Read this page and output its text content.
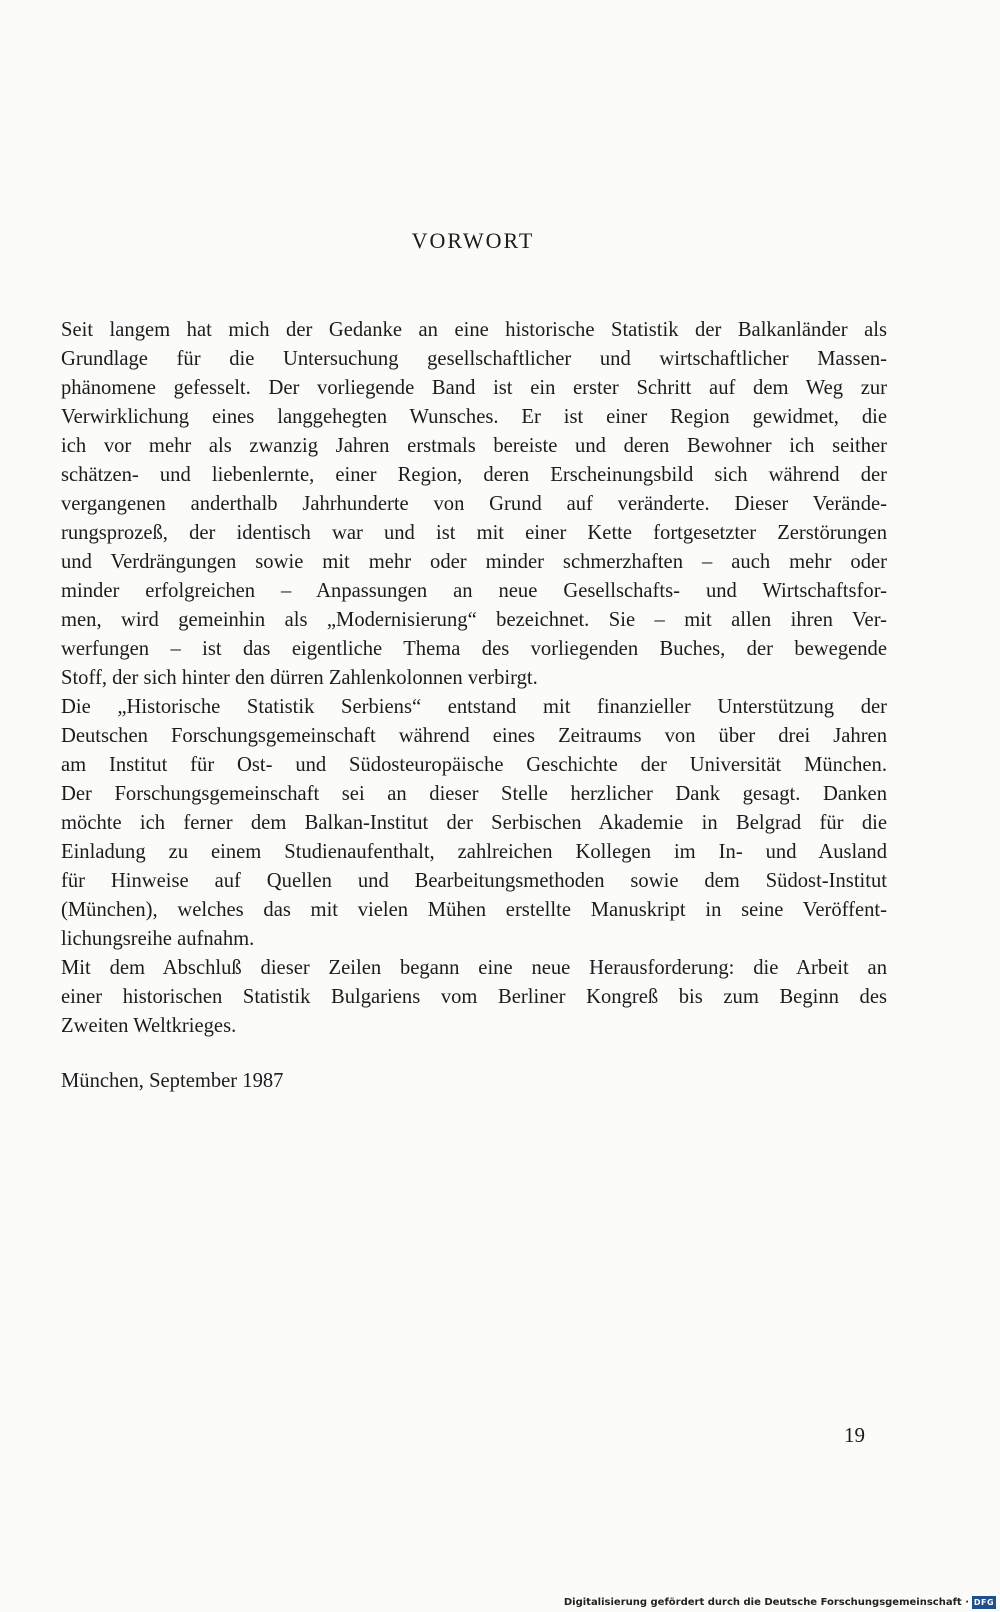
VORWORT
Seit langem hat mich der Gedanke an eine historische Statistik der Balkanländer als
Grundlage für die Untersuchung gesellschaftlicher und wirtschaftlicher Massen-
phänomene gefesselt. Der vorliegende Band ist ein erster Schritt auf dem Weg zur
Verwirklichung eines langgehegten Wunsches. Er ist einer Region gewidmet, die
ich vor mehr als zwanzig Jahren erstmals bereiste und deren Bewohner ich seither
schätzen- und liebenlernte, einer Region, deren Erscheinungsbild sich während der
vergangenen anderthalb Jahrhunderte von Grund auf veränderte. Dieser Verände-
rungsprozeß, der identisch war und ist mit einer Kette fortgesetzter Zerstörungen
und Verdrängungen sowie mit mehr oder minder schmerzhaften – auch mehr oder
minder erfolgreichen – Anpassungen an neue Gesellschafts- und Wirtschaftsfor-
men, wird gemeinhin als „Modernisierung“ bezeichnet. Sie – mit allen ihren Ver-
werfungen – ist das eigentliche Thema des vorliegenden Buches, der bewegende
Stoff, der sich hinter den dürren Zahlenkolonnen verbirgt.
Die „Historische Statistik Serbiens“ entstand mit finanzieller Unterstützung der
Deutschen Forschungsgemeinschaft während eines Zeitraums von über drei Jahren
am Institut für Ost- und Südosteuropäische Geschichte der Universität München.
Der Forschungsgemeinschaft sei an dieser Stelle herzlicher Dank gesagt. Danken
möchte ich ferner dem Balkan-Institut der Serbischen Akademie in Belgrad für die
Einladung zu einem Studienaufenthalt, zahlreichen Kollegen im In- und Ausland
für Hinweise auf Quellen und Bearbeitungsmethoden sowie dem Südost-Institut
(München), welches das mit vielen Mühen erstellte Manuskript in seine Veröffent-
lichungsreihe aufnahm.
Mit dem Abschluß dieser Zeilen begann eine neue Herausforderung: die Arbeit an
einer historischen Statistik Bulgariens vom Berliner Kongreß bis zum Beginn des
Zweiten Weltkrieges.
München, September 1987
19
Digitalisierung gefördert durch die Deutsche Forschungsgemeinschaft · DFG
